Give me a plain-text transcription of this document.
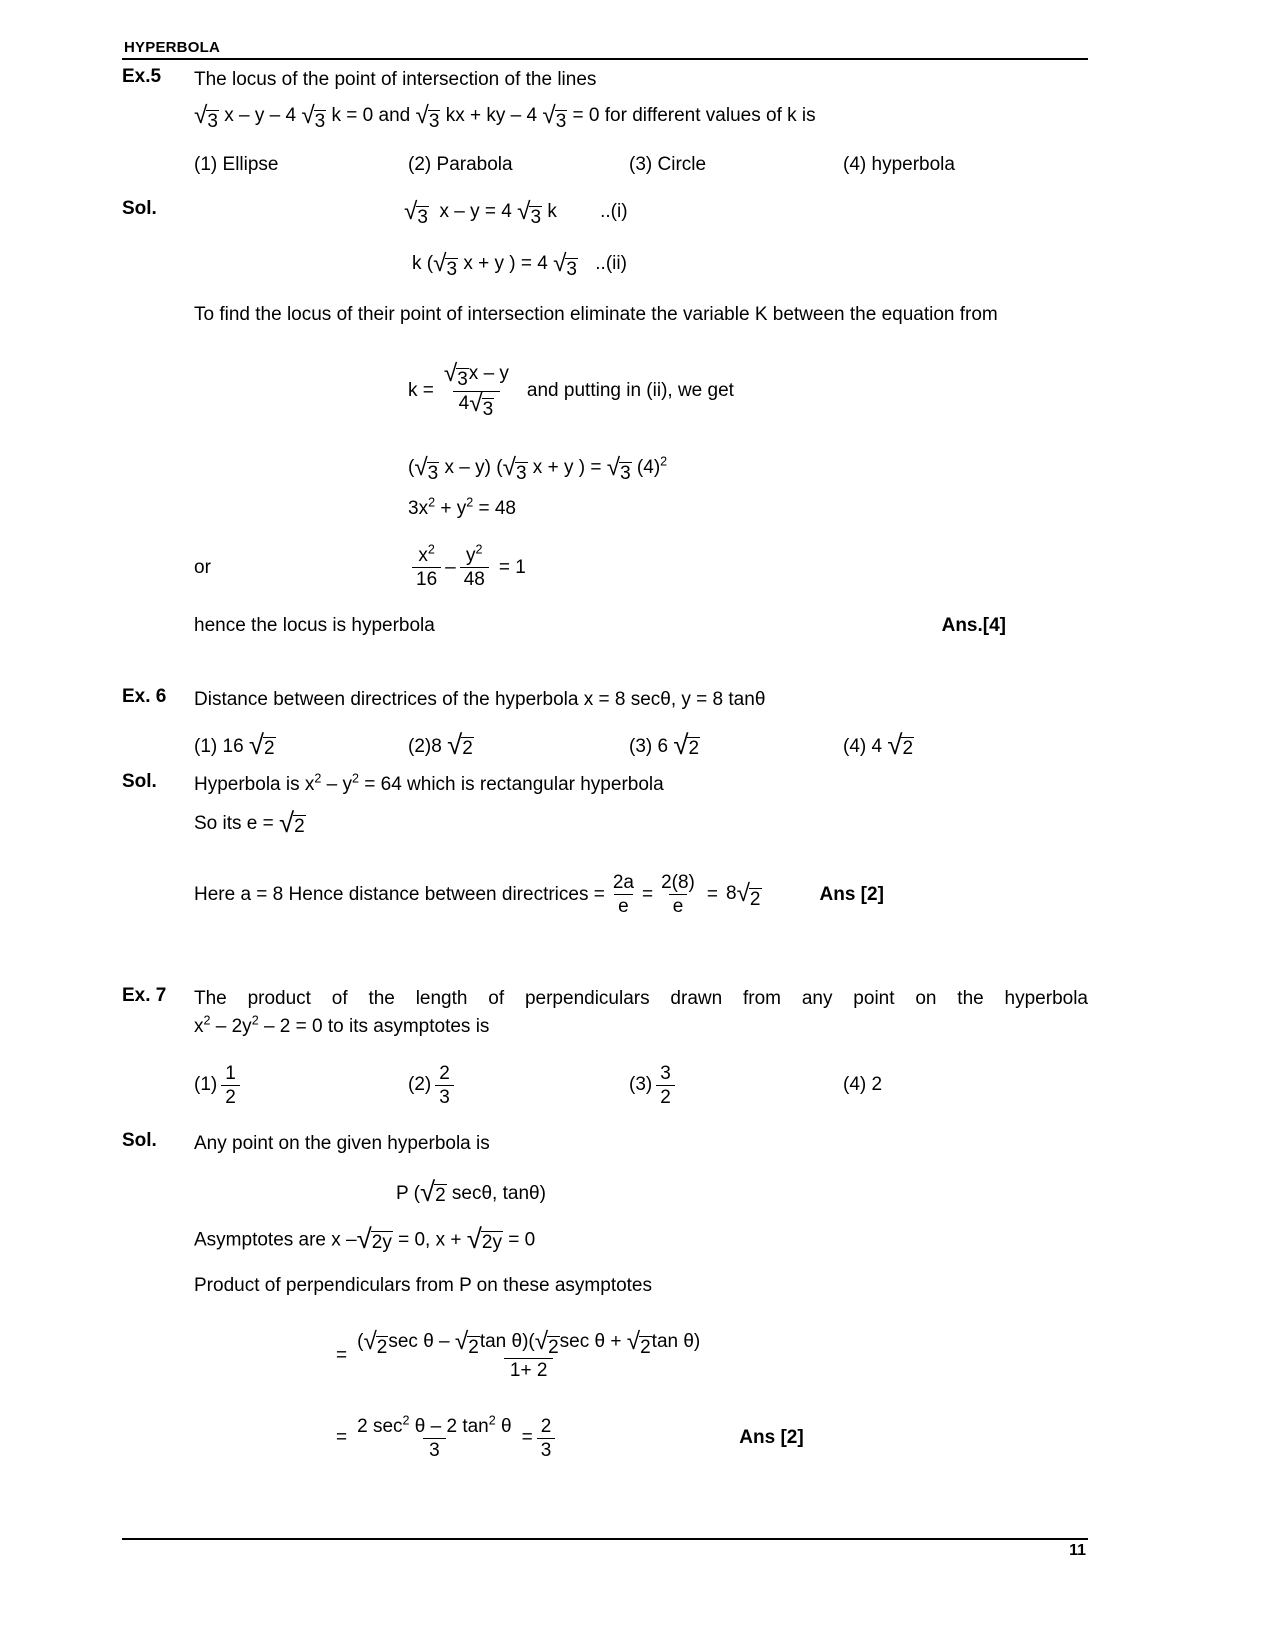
HYPERBOLA
Ex.5	The locus of the point of intersection of the lines
√ 3 x – y – 4 √ 3 k = 0 and √ 3 kx + ky – 4 √ 3 = 0 for different values of k is
(1)
Ellipse	(2)
Parabola	(3)
Circle	(4)
hyperbola
Sol.	√ 3 x – y = 4 √ 3 k ..(i)
k ( √ 3 x + y ) = 4 √ 3 ..(ii)
To find the locus of their point of intersection eliminate the variable K between the equation from
$k = \frac{√ 3 x - y}{4 √ 3}$ and putting in (ii), we get
( √ 3 x – y) ( √ 3 x + y ) = √ 3 $(4)^2$
$3x^2 + y^2 = 48$
or	$\frac{x^2}{16} - \frac{y^2}{48} = 1$
hence the locus is hyperbola	Ans.[4]
Ex. 6	Distance between directrices of the hyperbola x = 8 secθ, y = 8 tanθ
(1) 16
√ 2	(2)8
√ 2	(3) 6
√ 2	(4) 4
√ 2
Sol.	Hyperbola is $x^2 - y^2 = 64$ which is rectangular hyperbola
So its e = √ 2
Here a = 8 Hence distance between directrices = $\frac{2a}{e} = \frac{2(8)}{e} = 8$ √ 2	Ans [2]
Ex. 7	The product of the length of perpendiculars drawn from any point on the hyperbola
$x^2 - 2y^2 - 2 = 0$ to its asymptotes is
$(1) \frac{1}{2}$	$(2) \frac{2}{3}$	$(3) \frac{3}{2}$	(4)
2
Sol.	Any point on the given hyperbola is
P ( √ 2 secθ, tanθ)
Asymptotes are x – √ 2y = 0, x + √ 2y = 0
Product of perpendiculars from P on these asymptotes
= $\frac{\text{( √ 2 sec θ – √ 2 tan θ)( √ 2 sec θ + √ 2 tan θ)}}{1+ 2}$
= $\frac{2 \sec^2 \theta - 2 \tan^2 \theta}{3} = \frac{2}{3}$	Ans [2]
11
